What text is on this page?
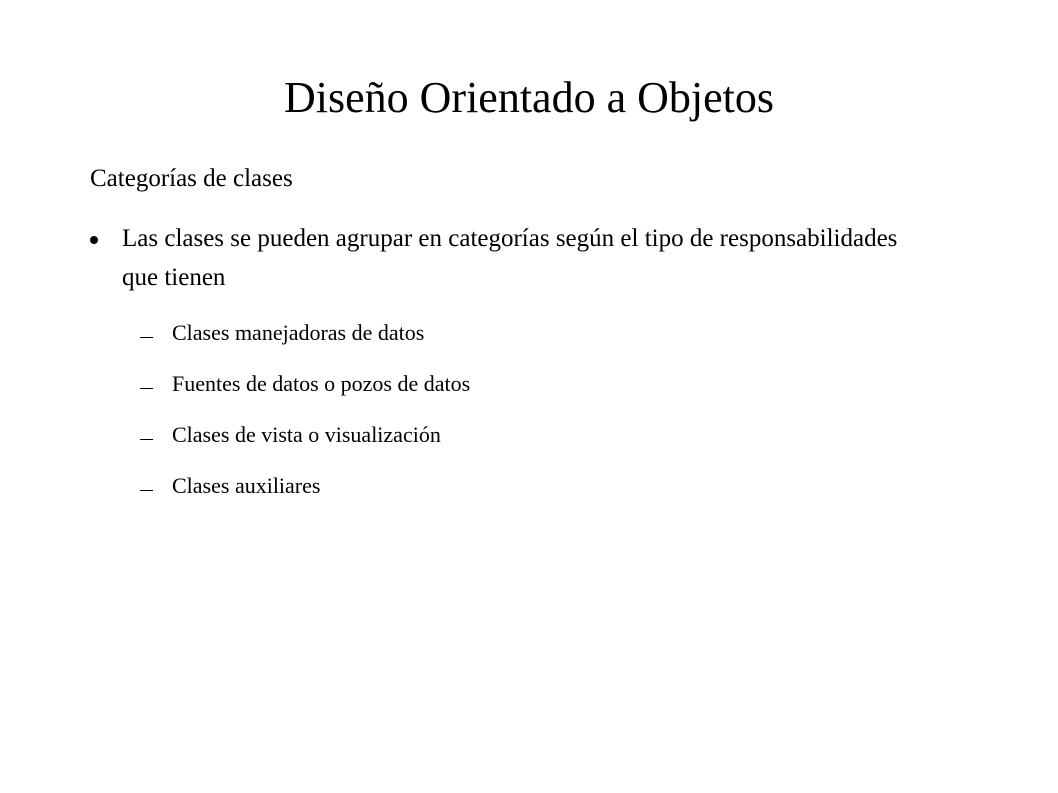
Diseño Orientado a Objetos

Categorías de clases

Las clases se pueden agrupar en categorías según el tipo de responsabilidades que tienen
Clases manejadoras de datos
Fuentes de datos o pozos de datos
Clases de vista o visualización
Clases auxiliares
